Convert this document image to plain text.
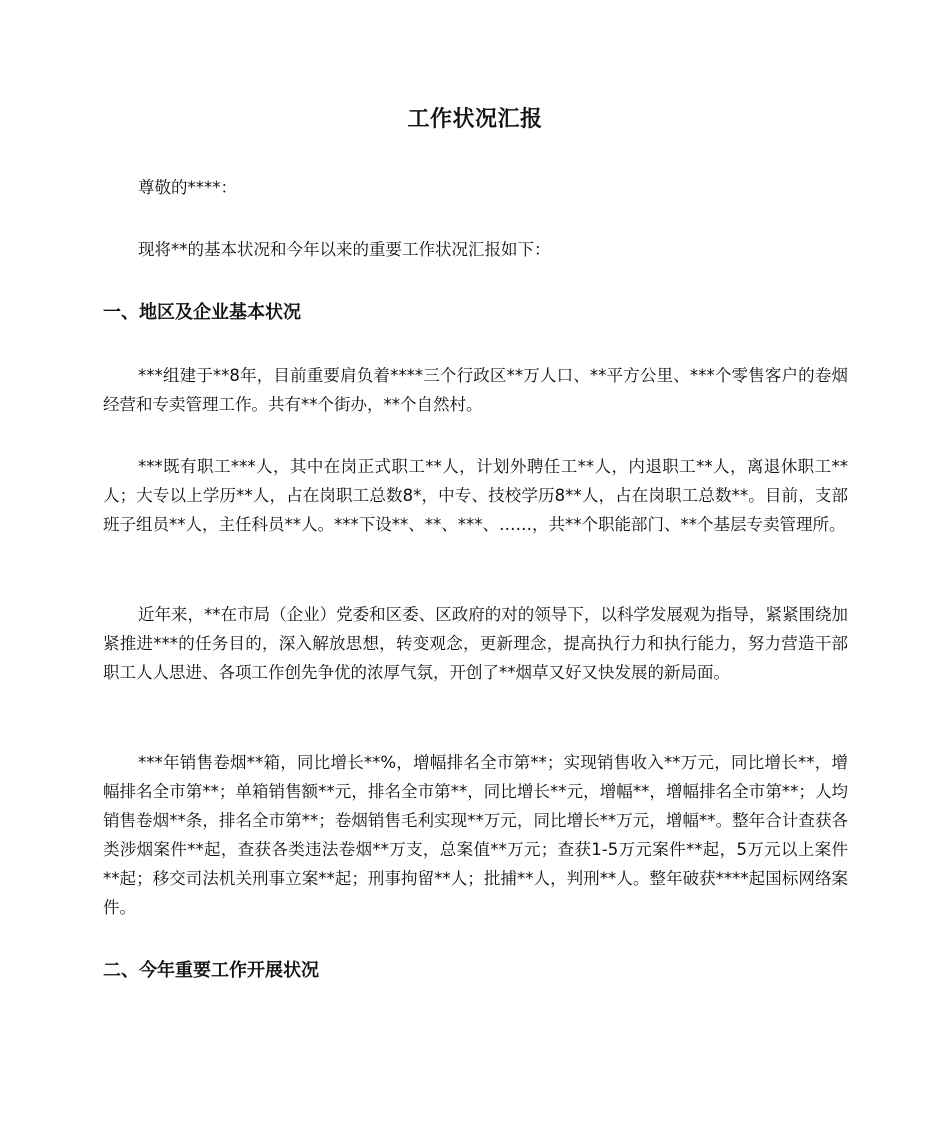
工作状况汇报

尊敬的****：

现将**的基本状况和今年以来的重要工作状况汇报如下：

一、地区及企业基本状况

***组建于**8年，目前重要肩负着****三个行政区**万人口、**平方公里、***个零售客户的卷烟经营和专卖管理工作。共有**个街办，**个自然村。

***既有职工***人，其中在岗正式职工**人，计划外聘任工**人，内退职工**人，离退休职工**人；大专以上学历**人，占在岗职工总数8*，中专、技校学历8**人，占在岗职工总数**。目前，支部班子组员**人，主任科员**人。***下设**、**、***、……，共**个职能部门、**个基层专卖管理所。

近年来，**在市局（企业）党委和区委、区政府的对的领导下，以科学发展观为指导，紧紧围绕加紧推进***的任务目的，深入解放思想，转变观念，更新理念，提高执行力和执行能力，努力营造干部职工人人思进、各项工作创先争优的浓厚气氛，开创了**烟草又好又快发展的新局面。

***年销售卷烟**箱，同比增长**%，增幅排名全市第**；实现销售收入**万元，同比增长**，增幅排名全市第**；单箱销售额**元，排名全市第**，同比增长**元，增幅**，增幅排名全市第**；人均销售卷烟**条，排名全市第**；卷烟销售毛利实现**万元，同比增长**万元，增幅**。整年合计查获各类涉烟案件**起，查获各类违法卷烟**万支，总案值**万元；查获1-5万元案件**起，5万元以上案件**起；移交司法机关刑事立案**起；刑事拘留**人；批捕**人，判刑**人。整年破获****起国标网络案件。

二、今年重要工作开展状况
